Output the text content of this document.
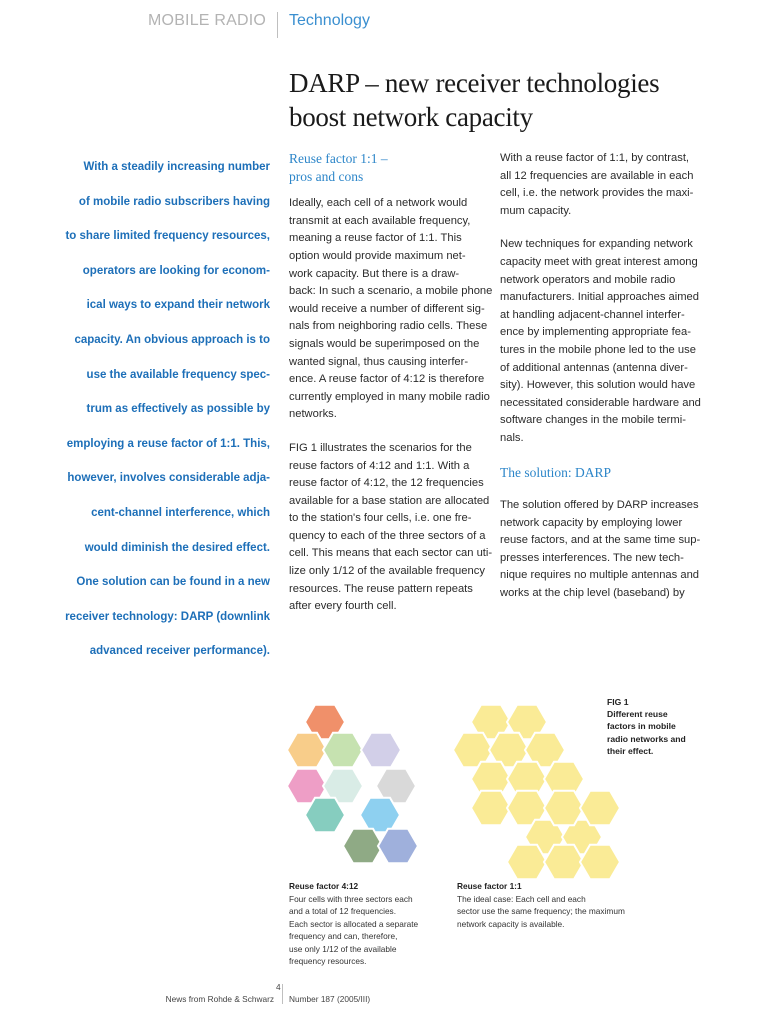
MOBILE RADIO Technology
DARP – new receiver technologies
boost network capacity
With a steadily increasing number
of mobile radio subscribers having
to share limited frequency resources,
operators are looking for econom-
ical ways to expand their network
capacity. An obvious approach is to
use the available frequency spec-
trum as effectively as possible by
employing a reuse factor of 1:1. This,
however, involves considerable adja-
cent-channel interference, which
would diminish the desired effect.
One solution can be found in a new
receiver technology: DARP (downlink
advanced receiver performance).
Reuse factor 1:1 –
pros and cons
Ideally, each cell of a network would
transmit at each available frequency,
meaning a reuse factor of 1:1. This
option would provide maximum net-
work capacity. But there is a draw-
back: In such a scenario, a mobile phone
would receive a number of different sig-
nals from neighboring radio cells. These
signals would be superimposed on the
wanted signal, thus causing interfer-
ence. A reuse factor of 4:12 is therefore
currently employed in many mobile radio
networks.
FIG 1 illustrates the scenarios for the
reuse factors of 4:12 and 1:1. With a
reuse factor of 4:12, the 12 frequencies
available for a base station are allocated
to the station's four cells, i.e. one fre-
quency to each of the three sectors of a
cell. This means that each sector can uti-
lize only 1/12 of the available frequency
resources. The reuse pattern repeats
after every fourth cell.
With a reuse factor of 1:1, by contrast,
all 12 frequencies are available in each
cell, i.e. the network provides the maxi-
mum capacity.
New techniques for expanding network
capacity meet with great interest among
network operators and mobile radio
manufacturers. Initial approaches aimed
at handling adjacent-channel interfer-
ence by implementing appropriate fea-
tures in the mobile phone led to the use
of additional antennas (antenna diver-
sity). However, this solution would have
necessitated considerable hardware and
software changes in the mobile termi-
nals.
The solution: DARP
The solution offered by DARP increases
network capacity by employing lower
reuse factors, and at the same time sup-
presses interferences. The new tech-
nique requires no multiple antennas and
works at the chip level (baseband) by
FIG 1
Different reuse
factors in mobile
radio networks and
their effect.
Reuse factor 4:12
Four cells with three sectors each
and a total of 12 frequencies.
Each sector is allocated a separate
frequency and can, therefore,
use only 1/12 of the available
frequency resources.
Reuse factor 1:1
The ideal case: Each cell and each
sector use the same frequency; the maximum
network capacity is available.
News from Rohde & Schwarz
4
Number 187 (2005/III)
